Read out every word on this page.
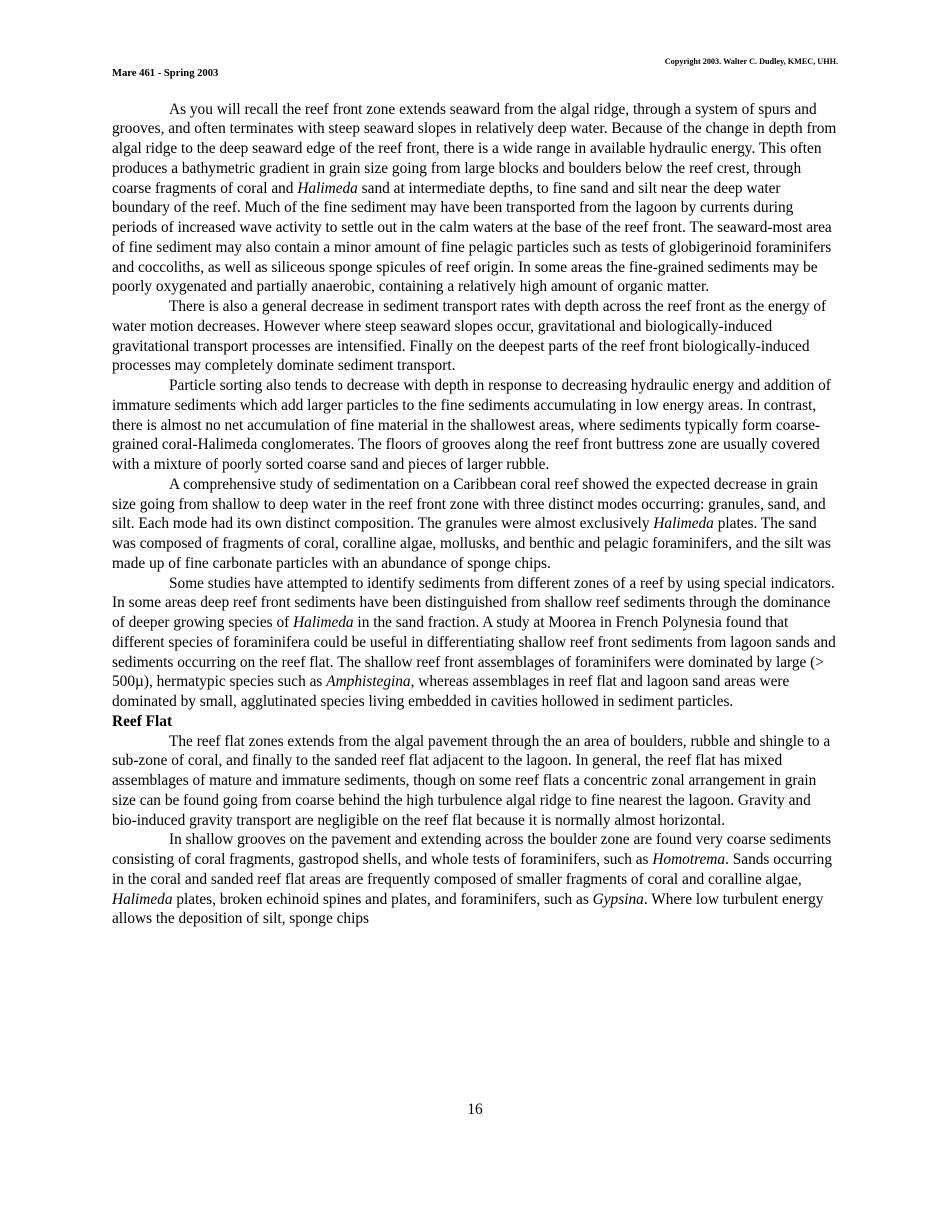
Copyright 2003. Walter C. Dudley, KMEC, UHH.
Mare 461 - Spring 2003

As you will recall the reef front zone extends seaward from the algal ridge, through a system of spurs and grooves, and often terminates with steep seaward slopes in relatively deep water. Because of the change in depth from algal ridge to the deep seaward edge of the reef front, there is a wide range in available hydraulic energy. This often produces a bathymetric gradient in grain size going from large blocks and boulders below the reef crest, through coarse fragments of coral and Halimeda sand at intermediate depths, to fine sand and silt near the deep water boundary of the reef. Much of the fine sediment may have been transported from the lagoon by currents during periods of increased wave activity to settle out in the calm waters at the base of the reef front. The seaward-most area of fine sediment may also contain a minor amount of fine pelagic particles such as tests of globigerinoid foraminifers and coccoliths, as well as siliceous sponge spicules of reef origin. In some areas the fine-grained sediments may be poorly oxygenated and partially anaerobic, containing a relatively high amount of organic matter.

There is also a general decrease in sediment transport rates with depth across the reef front as the energy of water motion decreases. However where steep seaward slopes occur, gravitational and biologically-induced gravitational transport processes are intensified. Finally on the deepest parts of the reef front biologically-induced processes may completely dominate sediment transport.

Particle sorting also tends to decrease with depth in response to decreasing hydraulic energy and addition of immature sediments which add larger particles to the fine sediments accumulating in low energy areas. In contrast, there is almost no net accumulation of fine material in the shallowest areas, where sediments typically form coarse-grained coral-Halimeda conglomerates. The floors of grooves along the reef front buttress zone are usually covered with a mixture of poorly sorted coarse sand and pieces of larger rubble.

A comprehensive study of sedimentation on a Caribbean coral reef showed the expected decrease in grain size going from shallow to deep water in the reef front zone with three distinct modes occurring: granules, sand, and silt. Each mode had its own distinct composition. The granules were almost exclusively Halimeda plates. The sand was composed of fragments of coral, coralline algae, mollusks, and benthic and pelagic foraminifers, and the silt was made up of fine carbonate particles with an abundance of sponge chips.

Some studies have attempted to identify sediments from different zones of a reef by using special indicators. In some areas deep reef front sediments have been distinguished from shallow reef sediments through the dominance of deeper growing species of Halimeda in the sand fraction. A study at Moorea in French Polynesia found that different species of foraminifera could be useful in differentiating shallow reef front sediments from lagoon sands and sediments occurring on the reef flat. The shallow reef front assemblages of foraminifers were dominated by large (> 500µ), hermatypic species such as Amphistegina, whereas assemblages in reef flat and lagoon sand areas were dominated by small, agglutinated species living embedded in cavities hollowed in sediment particles.

Reef Flat

The reef flat zones extends from the algal pavement through the an area of boulders, rubble and shingle to a sub-zone of coral, and finally to the sanded reef flat adjacent to the lagoon. In general, the reef flat has mixed assemblages of mature and immature sediments, though on some reef flats a concentric zonal arrangement in grain size can be found going from coarse behind the high turbulence algal ridge to fine nearest the lagoon. Gravity and bio-induced gravity transport are negligible on the reef flat because it is normally almost horizontal.

In shallow grooves on the pavement and extending across the boulder zone are found very coarse sediments consisting of coral fragments, gastropod shells, and whole tests of foraminifers, such as Homotrema. Sands occurring in the coral and sanded reef flat areas are frequently composed of smaller fragments of coral and coralline algae, Halimeda plates, broken echinoid spines and plates, and foraminifers, such as Gypsina. Where low turbulent energy allows the deposition of silt, sponge chips

16
